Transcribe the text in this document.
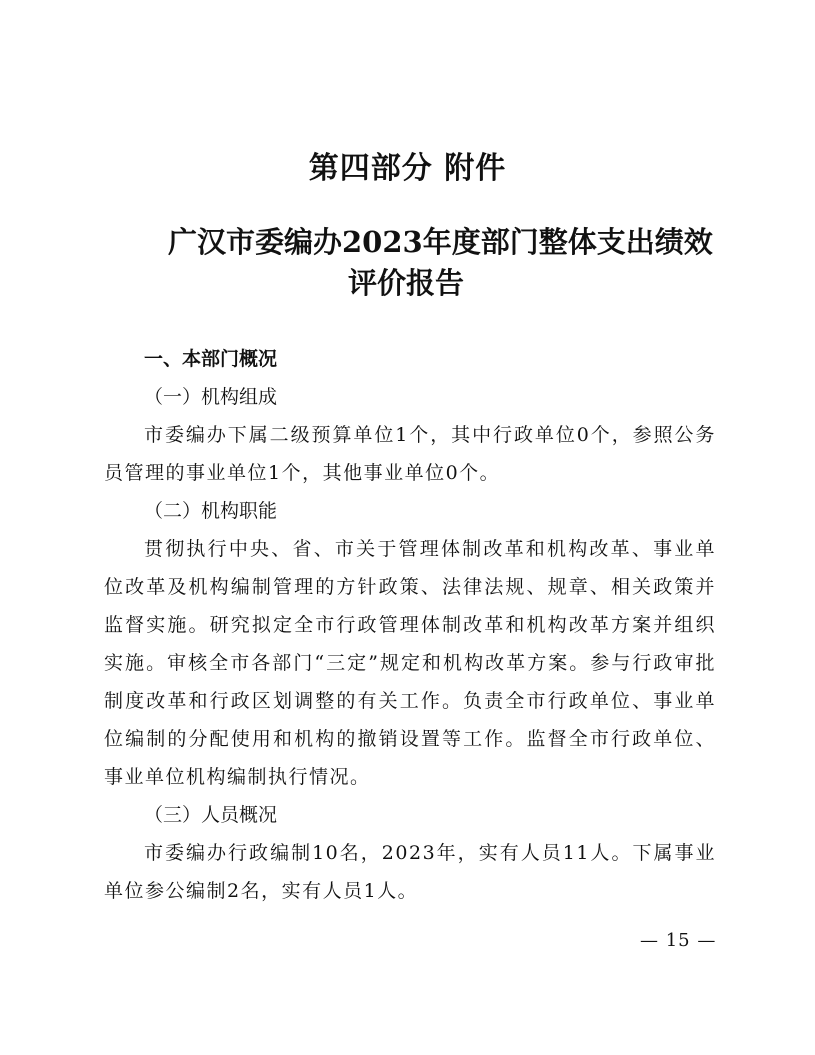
第四部分 附件
广汉市委编办2023年度部门整体支出绩效
评价报告

一、本部门概况

（一）机构组成

市委编办下属二级预算单位1个，其中行政单位0个，参照公务员管理的事业单位1个，其他事业单位0个。

（二）机构职能

贯彻执行中央、省、市关于管理体制改革和机构改革、事业单位改革及机构编制管理的方针政策、法律法规、规章、相关政策并监督实施。研究拟定全市行政管理体制改革和机构改革方案并组织实施。审核全市各部门“三定”规定和机构改革方案。参与行政审批制度改革和行政区划调整的有关工作。负责全市行政单位、事业单位编制的分配使用和机构的撤销设置等工作。监督全市行政单位、事业单位机构编制执行情况。

（三）人员概况

市委编办行政编制10名，2023年，实有人员11人。下属事业单位参公编制2名，实有人员1人。

— 15 —
